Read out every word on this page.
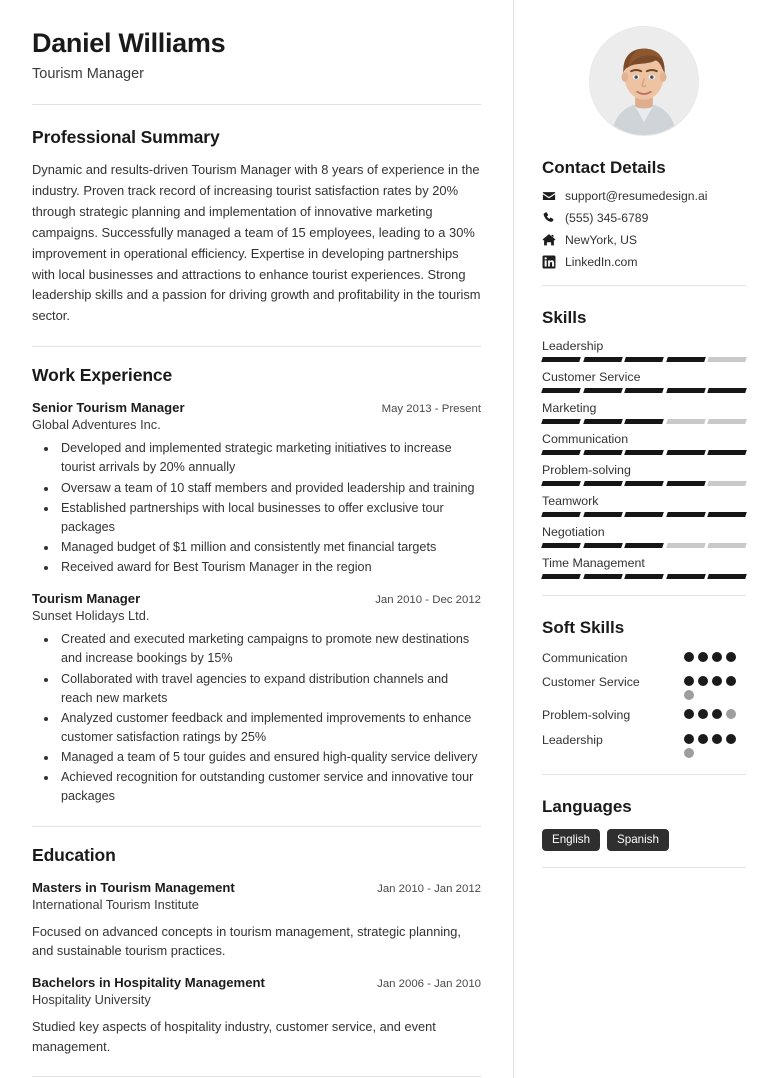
Daniel Williams
Tourism Manager
Professional Summary
Dynamic and results-driven Tourism Manager with 8 years of experience in the industry. Proven track record of increasing tourist satisfaction rates by 20% through strategic planning and implementation of innovative marketing campaigns. Successfully managed a team of 15 employees, leading to a 30% improvement in operational efficiency. Expertise in developing partnerships with local businesses and attractions to enhance tourist experiences. Strong leadership skills and a passion for driving growth and profitability in the tourism sector.
Work Experience
Senior Tourism Manager	May 2013 - Present
Global Adventures Inc.
• Developed and implemented strategic marketing initiatives to increase tourist arrivals by 20% annually
• Oversaw a team of 10 staff members and provided leadership and training
• Established partnerships with local businesses to offer exclusive tour packages
• Managed budget of $1 million and consistently met financial targets
• Received award for Best Tourism Manager in the region
Tourism Manager	Jan 2010 - Dec 2012
Sunset Holidays Ltd.
• Created and executed marketing campaigns to promote new destinations and increase bookings by 15%
• Collaborated with travel agencies to expand distribution channels and reach new markets
• Analyzed customer feedback and implemented improvements to enhance customer satisfaction ratings by 25%
• Managed a team of 5 tour guides and ensured high-quality service delivery
• Achieved recognition for outstanding customer service and innovative tour packages
Education
Masters in Tourism Management	Jan 2010 - Jan 2012
International Tourism Institute
Focused on advanced concepts in tourism management, strategic planning, and sustainable tourism practices.
Bachelors in Hospitality Management	Jan 2006 - Jan 2010
Hospitality University
Studied key aspects of hospitality industry, customer service, and event management.
Contact Details
support@resumedesign.ai
(555) 345-6789
NewYork, US
LinkedIn.com
Skills
Leadership
Customer Service
Marketing
Communication
Problem-solving
Teamwork
Negotiation
Time Management
Soft Skills
Communication
Customer Service
Problem-solving
Leadership
Languages
English	Spanish
